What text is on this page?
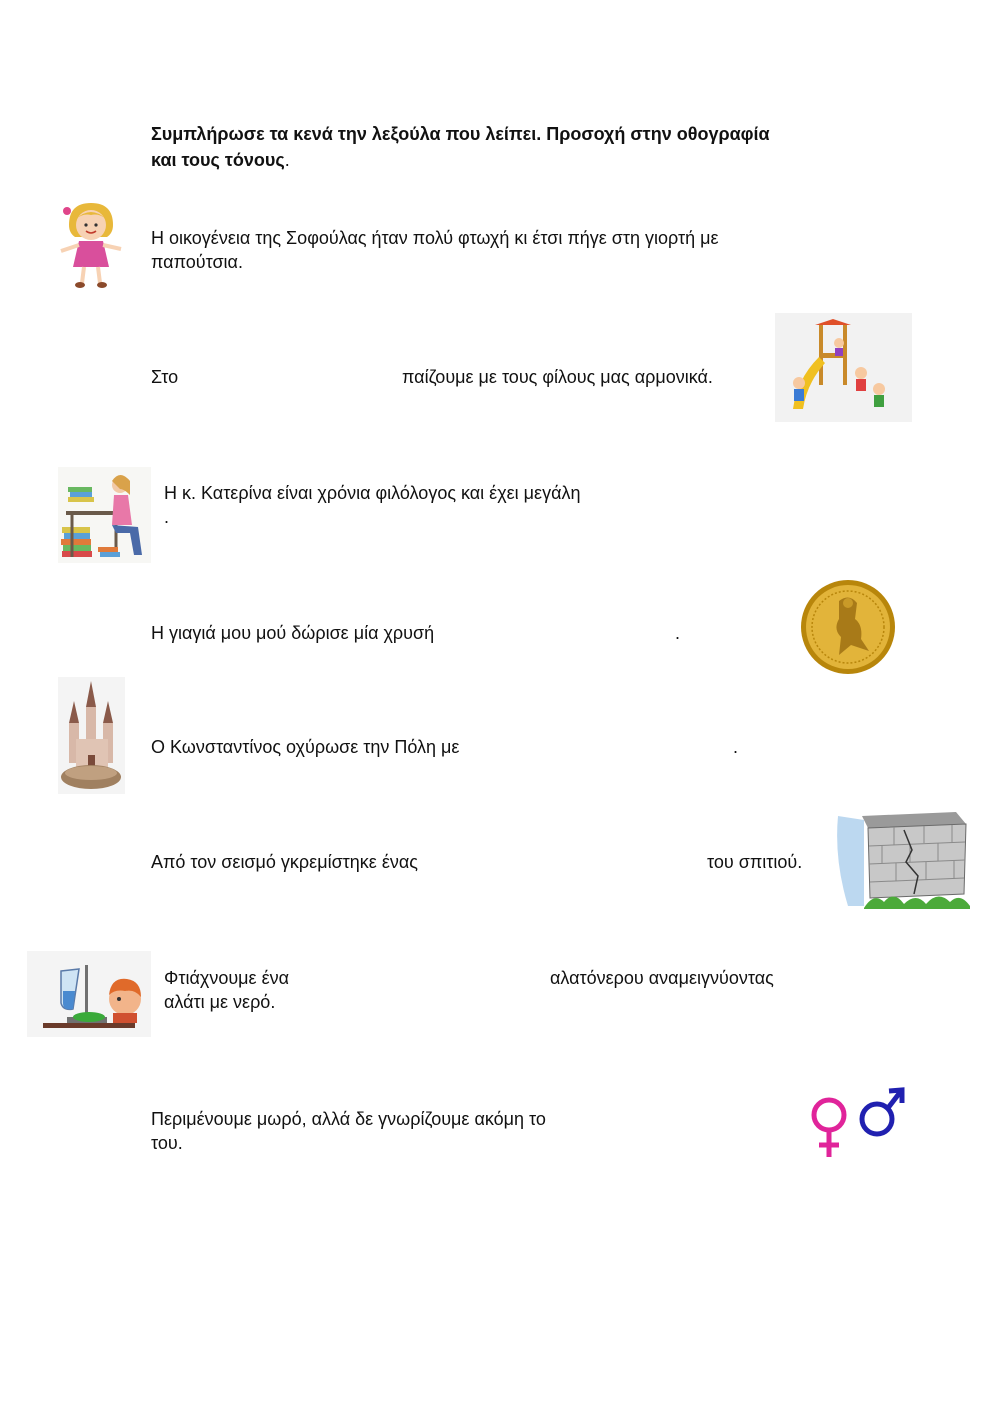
Συμπλήρωσε τα κενά την λεξούλα που λείπει. Προσοχή στην οθογραφία
και τους τόνους.
Η οικογένεια της Σοφούλας ήταν πολύ φτωχή κι έτσι πήγε στη γιορτή με
παπούτσια.
Στο	παίζουμε με τους φίλους μας αρμονικά.
Η κ. Κατερίνα είναι χρόνια φιλόλογος και έχει μεγάλη
.
Η γιαγιά μου μού δώρισε μία χρυσή	.
Ο Κωνσταντίνος οχύρωσε την Πόλη με	.
Από τον σεισμό γκρεμίστηκε ένας	του σπιτιού.
Φτιάχνουμε ένα	αλατόνερου αναμειγνύοντας
αλάτι με νερό.
Περιμένουμε μωρό, αλλά δε γνωρίζουμε ακόμη το
του.
